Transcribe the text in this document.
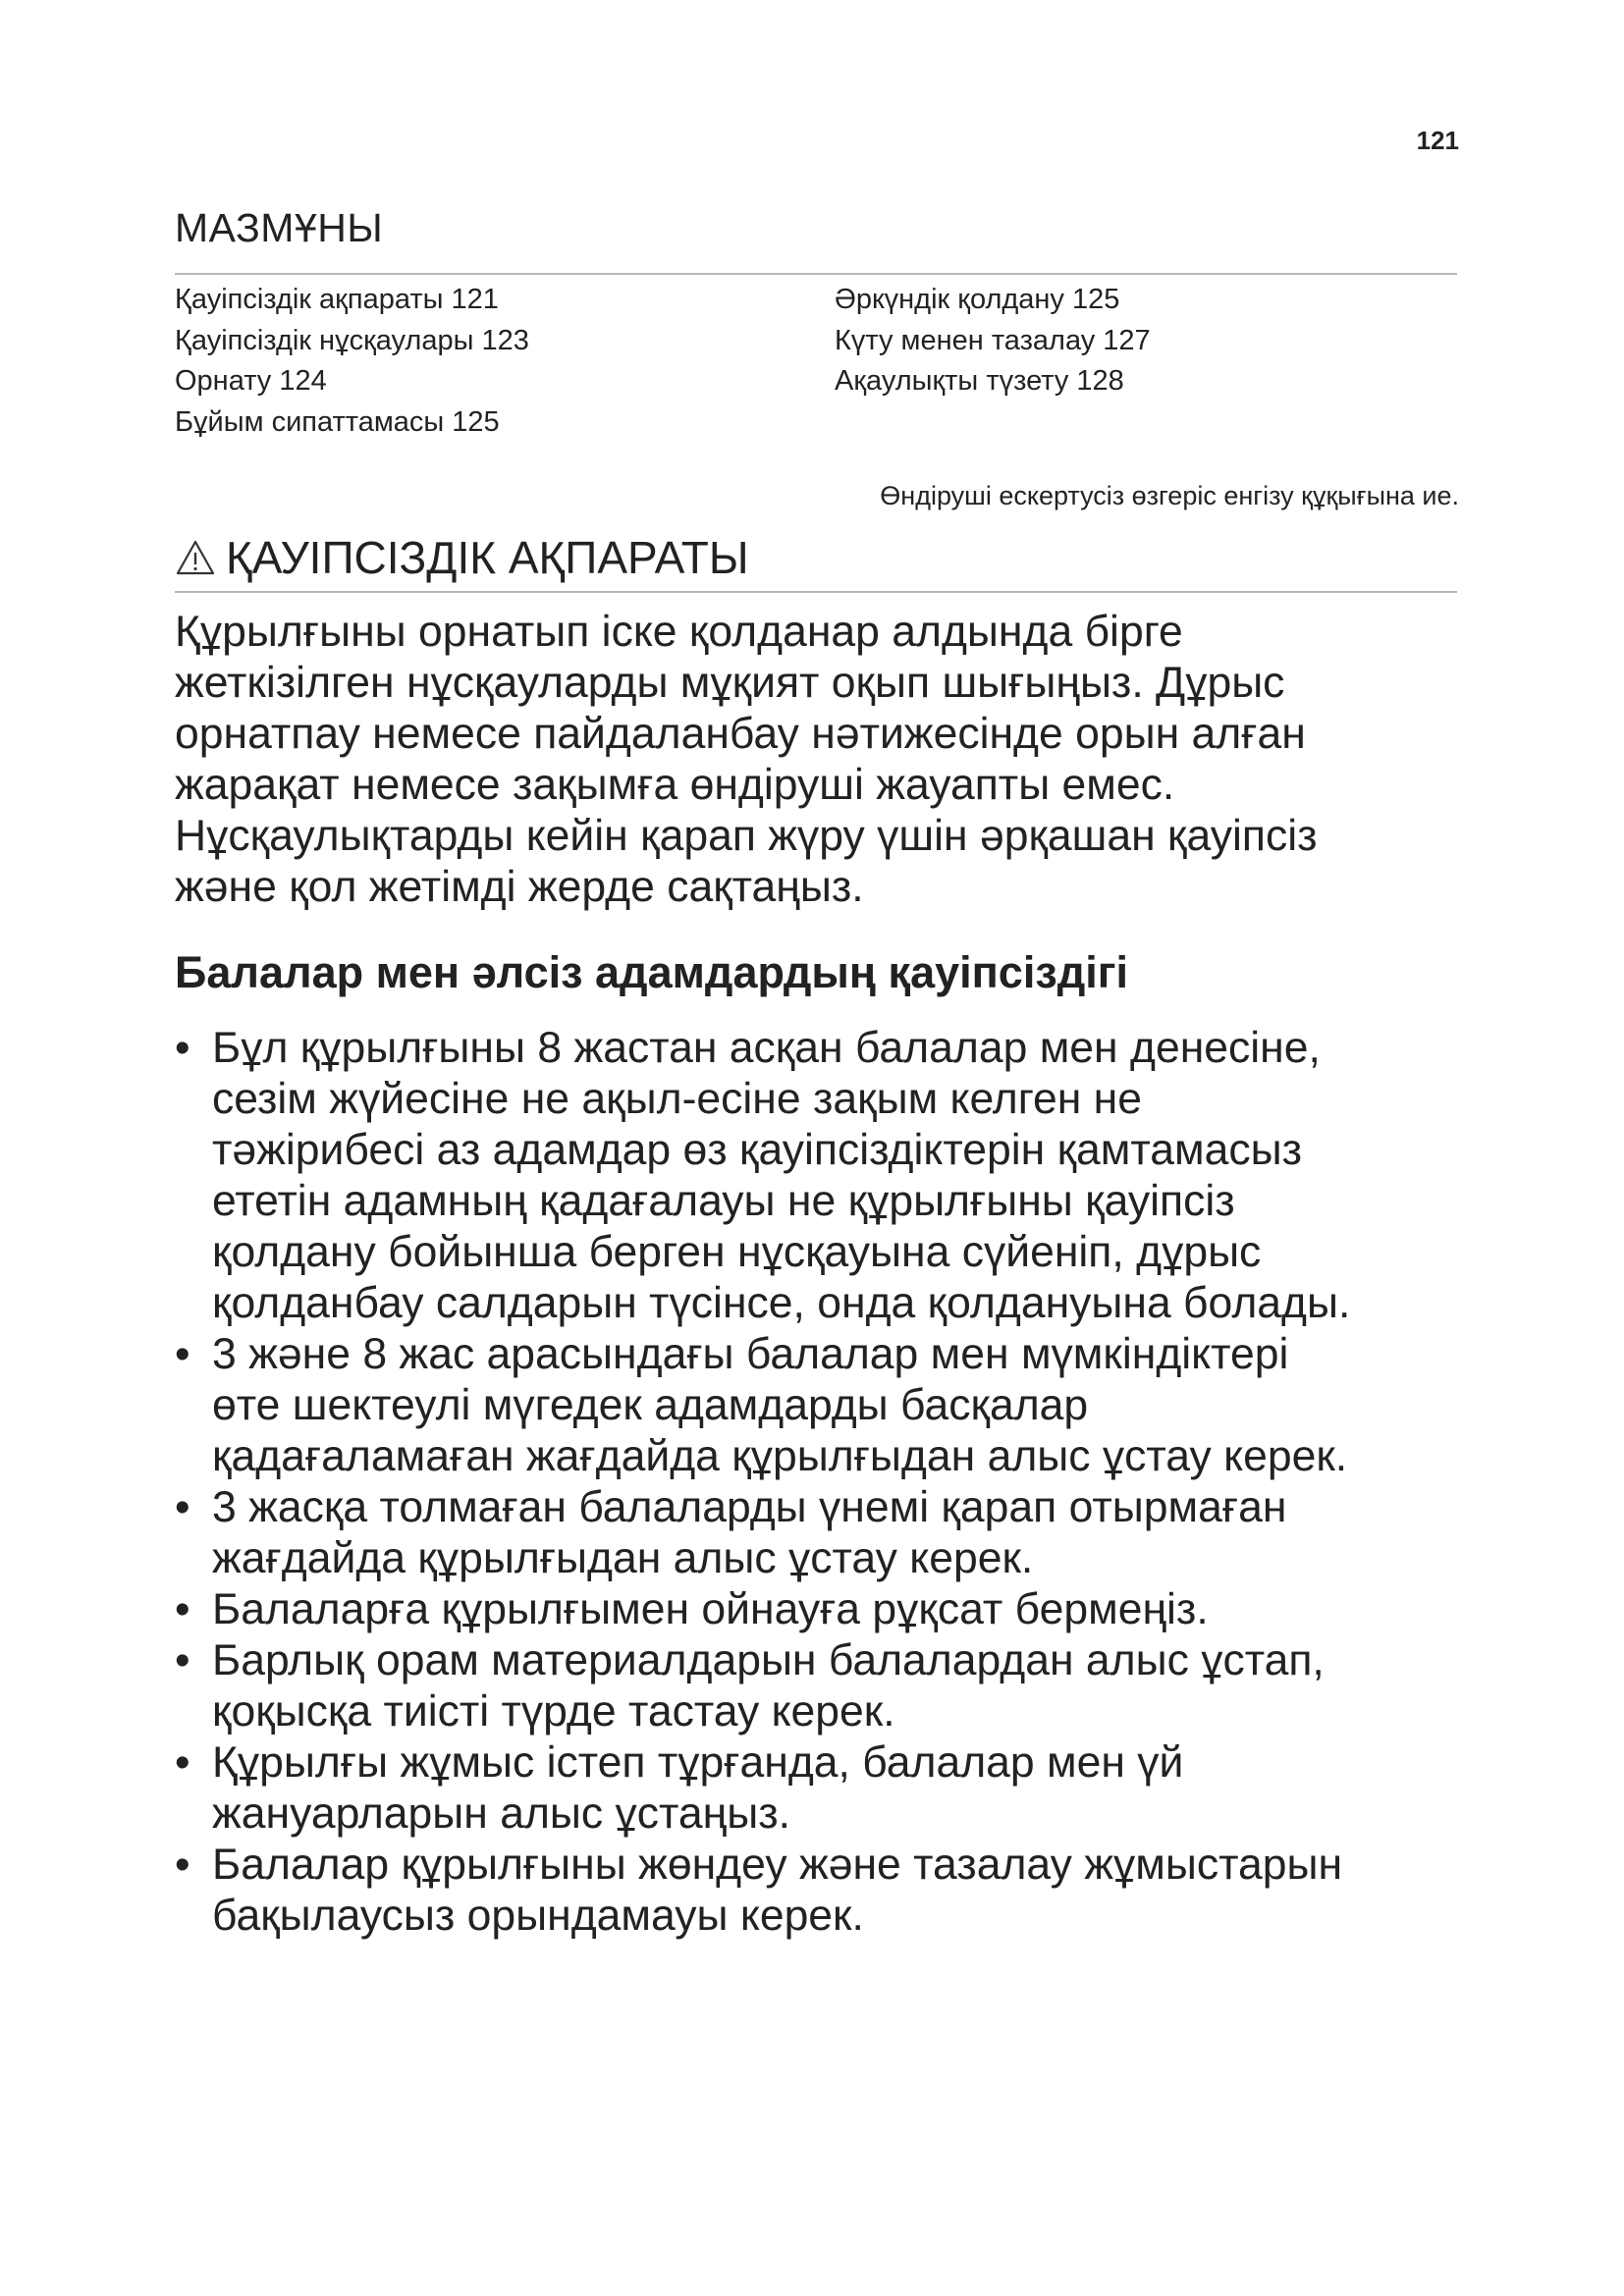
121
МАЗМҰНЫ
Қауіпсіздік ақпараты 121
Қауіпсіздік нұсқаулары 123
Орнату 124
Бұйым сипаттамасы 125
Әркүндік қолдану 125
Күту менен тазалау 127
Ақаулықты түзету 128
Өндіруші ескертусіз өзгеріс енгізу құқығына ие.
ҚАУІПСІЗДІК АҚПАРАТЫ

Құрылғыны орнатып іске қолданар алдында бірге
жеткізілген нұсқауларды мұқият оқып шығыңыз. Дұрыс
орнатпау немесе пайдаланбау нәтижесінде орын алған
жарақат немесе зақымға өндіруші жауапты емес.
Нұсқаулықтарды кейін қарап жүру үшін әрқашан қауіпсіз
және қол жетімді жерде сақтаңыз.

Балалар мен әлсіз адамдардың қауіпсіздігі
• Бұл құрылғыны 8 жастан асқан балалар мен денесіне,
сезім жүйесіне не ақыл-есіне зақым келген не
тәжірибесі аз адамдар өз қауіпсіздіктерін қамтамасыз
ететін адамның қадағалауы не құрылғыны қауіпсіз
қолдану бойынша берген нұсқауына сүйеніп, дұрыс
қолданбау салдарын түсінсе, онда қолдануына болады.
• 3 және 8 жас арасындағы балалар мен мүмкіндіктері
өте шектеулі мүгедек адамдарды басқалар
қадағаламаған жағдайда құрылғыдан алыс ұстау керек.
• 3 жасқа толмаған балаларды үнемі қарап отырмаған
жағдайда құрылғыдан алыс ұстау керек.
• Балаларға құрылғымен ойнауға рұқсат бермеңіз.
• Барлық орам материалдарын балалардан алыс ұстап,
қоқысқа тиісті түрде тастау керек.
• Құрылғы жұмыс істеп тұрғанда, балалар мен үй
жануарларын алыс ұстаңыз.
• Балалар құрылғыны жөндеу және тазалау жұмыстарын
бақылаусыз орындамауы керек.
